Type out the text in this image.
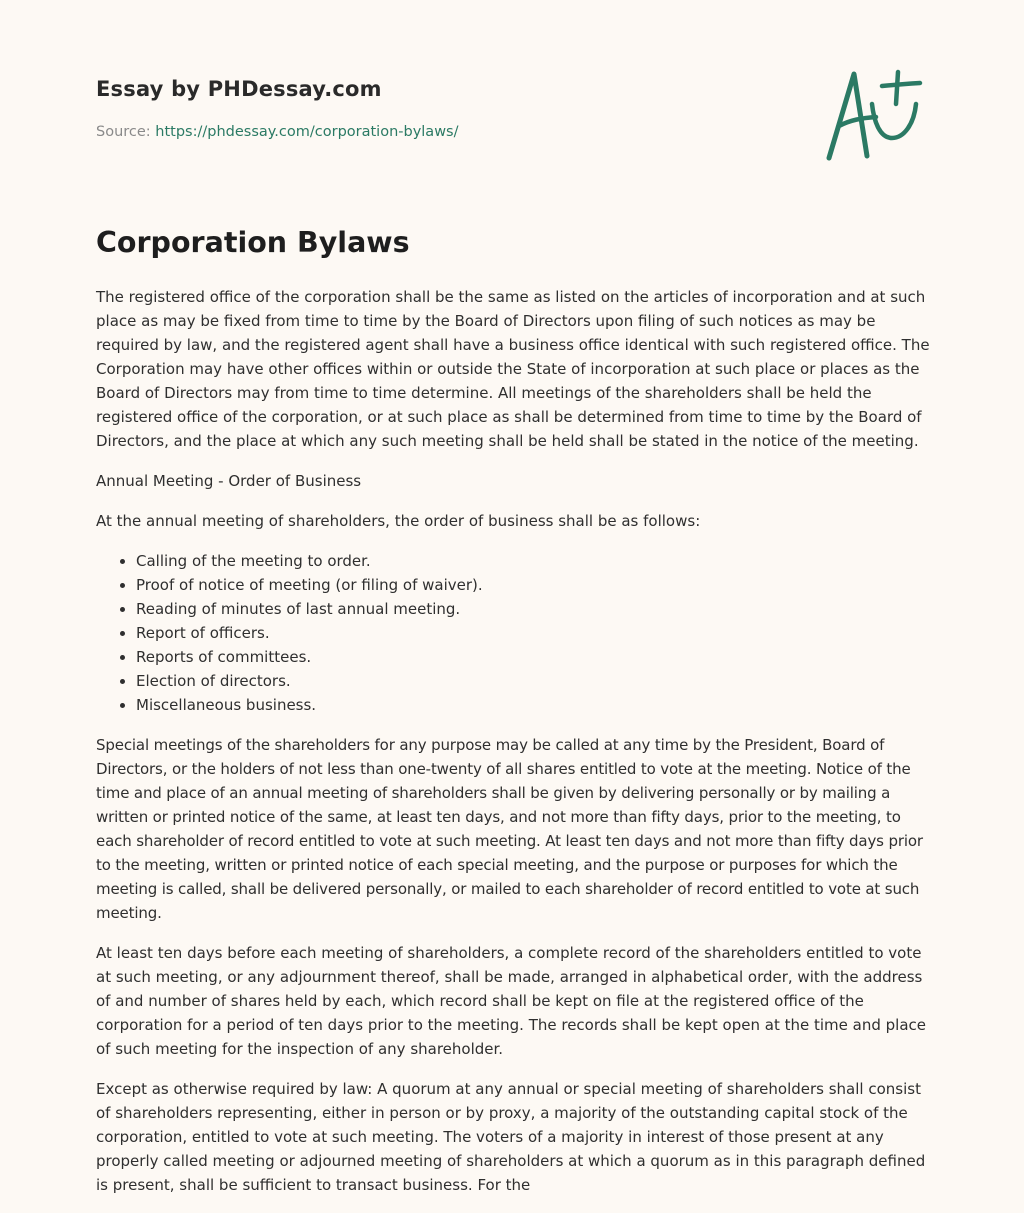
Essay by PHDessay.com
Source: https://phdessay.com/corporation-bylaws/
Corporation Bylaws

The registered office of the corporation shall be the same as listed on the articles of incorporation and at such place as may be fixed from time to time by the Board of Directors upon filing of such notices as may be required by law, and the registered agent shall have a business office identical with such registered office. The Corporation may have other offices within or outside the State of incorporation at such place or places as the Board of Directors may from time to time determine. All meetings of the shareholders shall be held the registered office of the corporation, or at such place as shall be determined from time to time by the Board of Directors, and the place at which any such meeting shall be held shall be stated in the notice of the meeting.

Annual Meeting - Order of Business

At the annual meeting of shareholders, the order of business shall be as follows:

• Calling of the meeting to order.
• Proof of notice of meeting (or filing of waiver).
• Reading of minutes of last annual meeting.
• Report of officers.
• Reports of committees.
• Election of directors.
• Miscellaneous business.

Special meetings of the shareholders for any purpose may be called at any time by the President, Board of Directors, or the holders of not less than one-twenty of all shares entitled to vote at the meeting. Notice of the time and place of an annual meeting of shareholders shall be given by delivering personally or by mailing a written or printed notice of the same, at least ten days, and not more than fifty days, prior to the meeting, to each shareholder of record entitled to vote at such meeting. At least ten days and not more than fifty days prior to the meeting, written or printed notice of each special meeting, and the purpose or purposes for which the meeting is called, shall be delivered personally, or mailed to each shareholder of record entitled to vote at such meeting.

At least ten days before each meeting of shareholders, a complete record of the shareholders entitled to vote at such meeting, or any adjournment thereof, shall be made, arranged in alphabetical order, with the address of and number of shares held by each, which record shall be kept on file at the registered office of the corporation for a period of ten days prior to the meeting. The records shall be kept open at the time and place of such meeting for the inspection of any shareholder.

Except as otherwise required by law: A quorum at any annual or special meeting of shareholders shall consist of shareholders representing, either in person or by proxy, a majority of the outstanding capital stock of the corporation, entitled to vote at such meeting. The voters of a majority in interest of those present at any properly called meeting or adjourned meeting of shareholders at which a quorum as in this paragraph defined is present, shall be sufficient to transact business. For the
